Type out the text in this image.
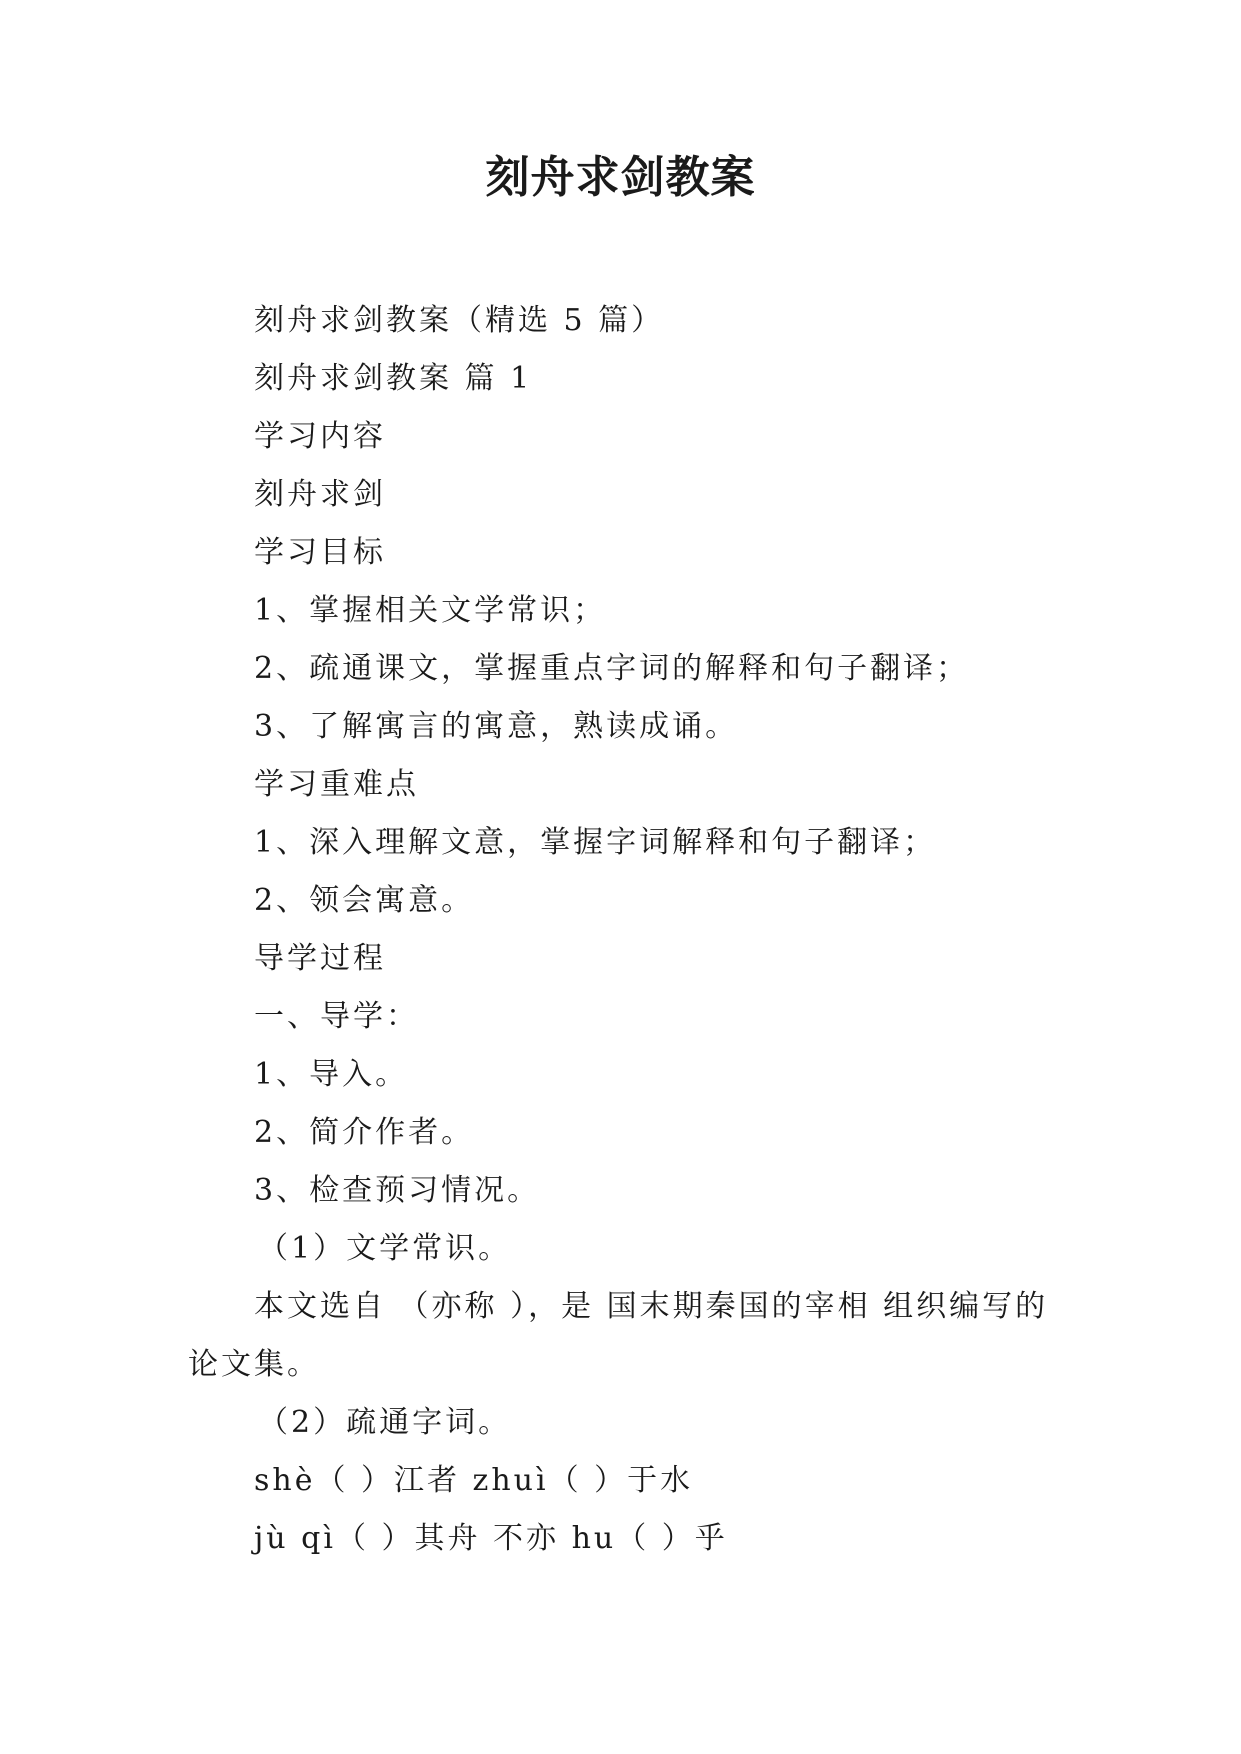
刻舟求剑教案

刻舟求剑教案（精选 5 篇）

刻舟求剑教案 篇 1

学习内容

刻舟求剑

学习目标

1、掌握相关文学常识；

2、疏通课文，掌握重点字词的解释和句子翻译；

3、了解寓言的寓意，熟读成诵。

学习重难点

1、深入理解文意，掌握字词解释和句子翻译；

2、领会寓意。

导学过程

一、导学：

1、导入。

2、简介作者。

3、检查预习情况。

（1）文学常识。

本文选自 （亦称 ），是 国末期秦国的宰相 组织编写的论文集。

（2）疏通字词。

shè（ ）江者 zhuì（ ）于水

jù qì（ ）其舟 不亦 hu（ ）乎
